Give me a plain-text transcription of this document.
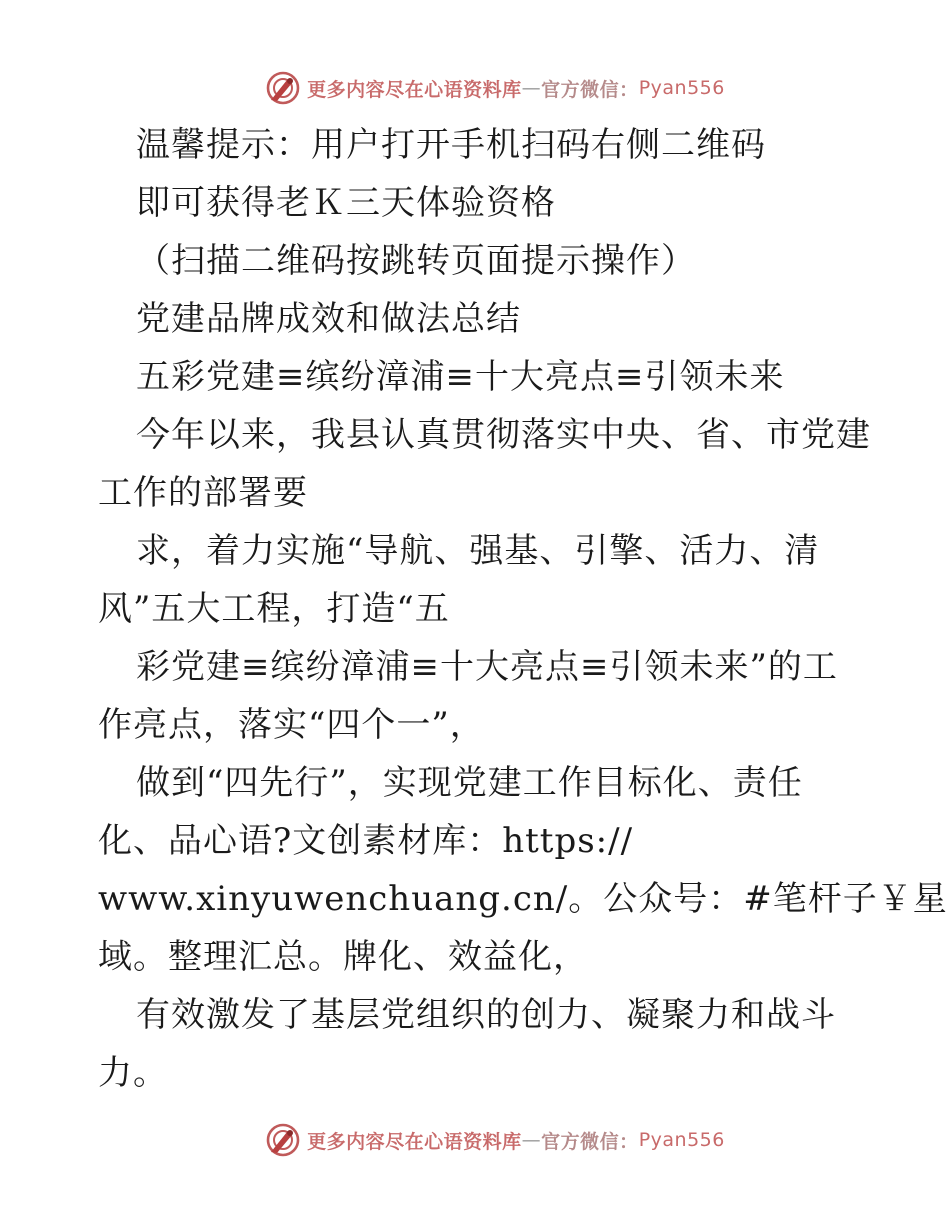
更多内容尽在心语资料库 — 官方微信： Pyan556
温馨提示：用户打开手机扫码右侧二维码
即可获得老Ｋ三天体验资格
（扫描二维码按跳转页面提示操作）
党建品牌成效和做法总结
五彩党建≡缤纷漳浦≡十大亮点≡引领未来
今年以来，我县认真贯彻落实中央、省、市党建
工作的部署要
求，着力实施“导航、强基、引擎、活力、清
风”五大工程，打造“五
彩党建≡缤纷漳浦≡十大亮点≡引领未来”的工
作亮点，落实“四个一”，
做到“四先行”，实现党建工作目标化、责任
化、品心语?文创素材库：https://
www.xinyuwenchuang.cn/。公众号：#笔杆子￥星
域。整理汇总。牌化、效益化，
有效激发了基层党组织的创力、凝聚力和战斗
力。
更多内容尽在心语资料库 — 官方微信： Pyan556
